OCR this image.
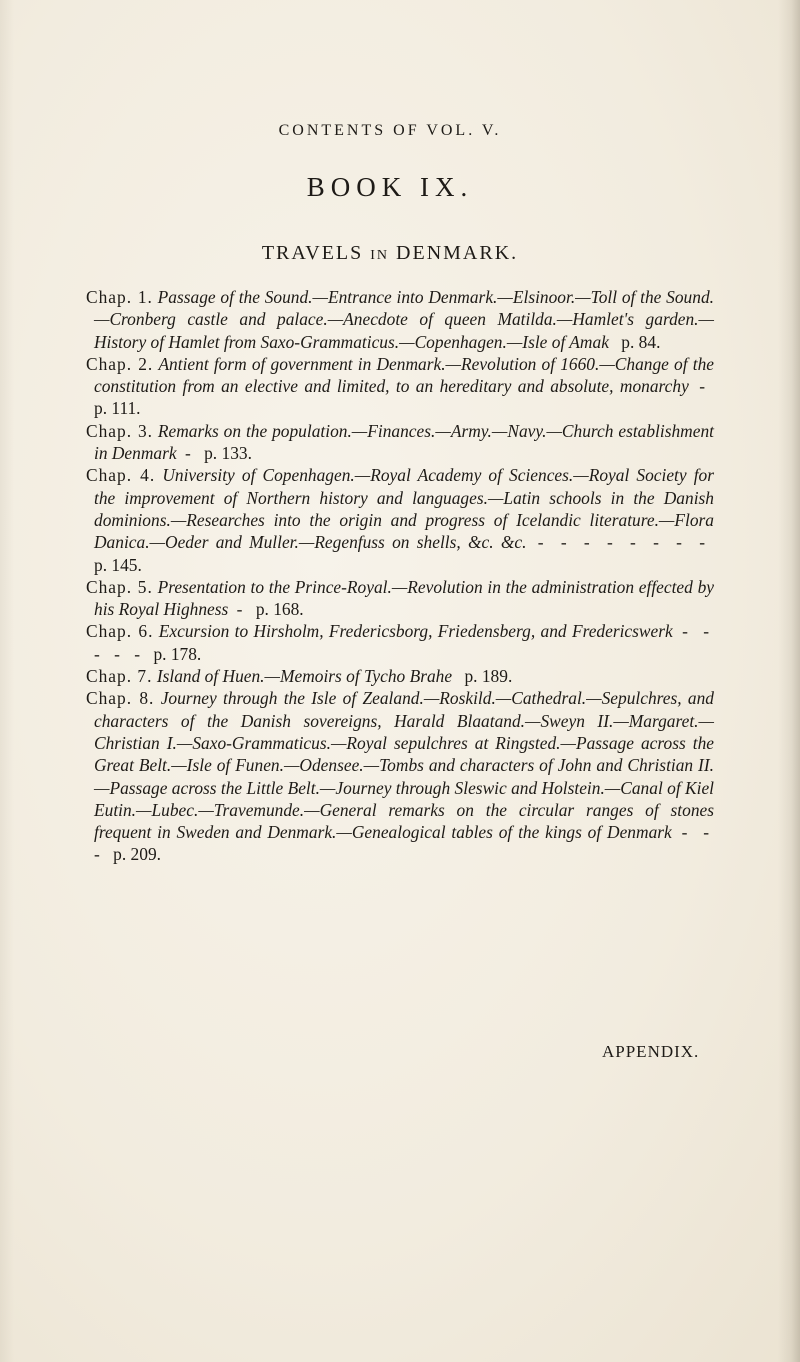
CONTENTS OF VOL. V.
BOOK IX.
TRAVELS IN DENMARK.
Chap. 1. Passage of the Sound.—Entrance into Denmark.—Elsinoor.—Toll of the Sound.—Cronberg castle and palace.—Anecdote of queen Matilda.—Hamlet's garden.—History of Hamlet from Saxo-Grammaticus.—Copenhagen.—Isle of Amak p. 84.
Chap. 2. Antient form of government in Denmark.—Revolution of 1660.—Change of the constitution from an elective and limited, to an hereditary and absolute, monarchy - p. 111.
Chap. 3. Remarks on the population.—Finances.—Army.—Navy.—Church establishment in Denmark - p. 133.
Chap. 4. University of Copenhagen.—Royal Academy of Sciences.—Royal Society for the improvement of Northern history and languages.—Latin schools in the Danish dominions.—Researches into the origin and progress of Icelandic literature.—Flora Danica.—Oeder and Muller.—Regenfuss on shells, &c. &c. - - - - - - - - p. 145.
Chap. 5. Presentation to the Prince-Royal.—Revolution in the administration effected by his Royal Highness - p. 168.
Chap. 6. Excursion to Hirsholm, Fredericsborg, Friedensberg, and Fredericswerk - - - - - p. 178.
Chap. 7. Island of Huen.—Memoirs of Tycho Brahe p. 189.
Chap. 8. Journey through the Isle of Zealand.—Roskild.—Cathedral.—Sepulchres, and characters of the Danish sovereigns, Harald Blaatand.—Sweyn II.—Margaret.—Christian I.—Saxo-Grammaticus.—Royal sepulchres at Ringsted.—Passage across the Great Belt.—Isle of Funen.—Odensee.—Tombs and characters of John and Christian II.—Passage across the Little Belt.—Journey through Sleswic and Holstein.—Canal of Kiel Eutin.—Lubec.—Travemunde.—General remarks on the circular ranges of stones frequent in Sweden and Denmark.—Genealogical tables of the kings of Denmark - - - p. 209.
APPENDIX.
